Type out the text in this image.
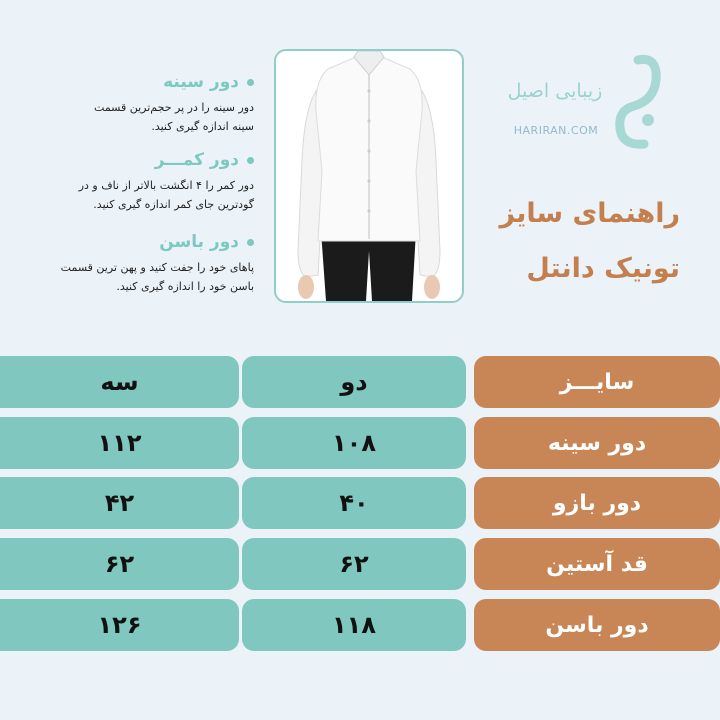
دور سینه
دور سینه را در پر حجم‌ترین قسمت سینه اندازه گیری کنید.
دور کمـــر
دور کمر را ۴ انگشت بالاتر از ناف و در گودترین جای کمر اندازه گیری کنید.
دور باسن
پاهای خود را جفت کنید و پهن ترین قسمت باسن خود را اندازه گیری کنید.
زیبایی اصیل
HARIRAN.COM
راهنمای سایز
تونیک دانتل
سه	دو	سایـــز
۱۱۲	۱۰۸	دور سینه
۴۲	۴۰	دور بازو
۶۲	۶۲	قد آستین
۱۲۶	۱۱۸	دور باسن
